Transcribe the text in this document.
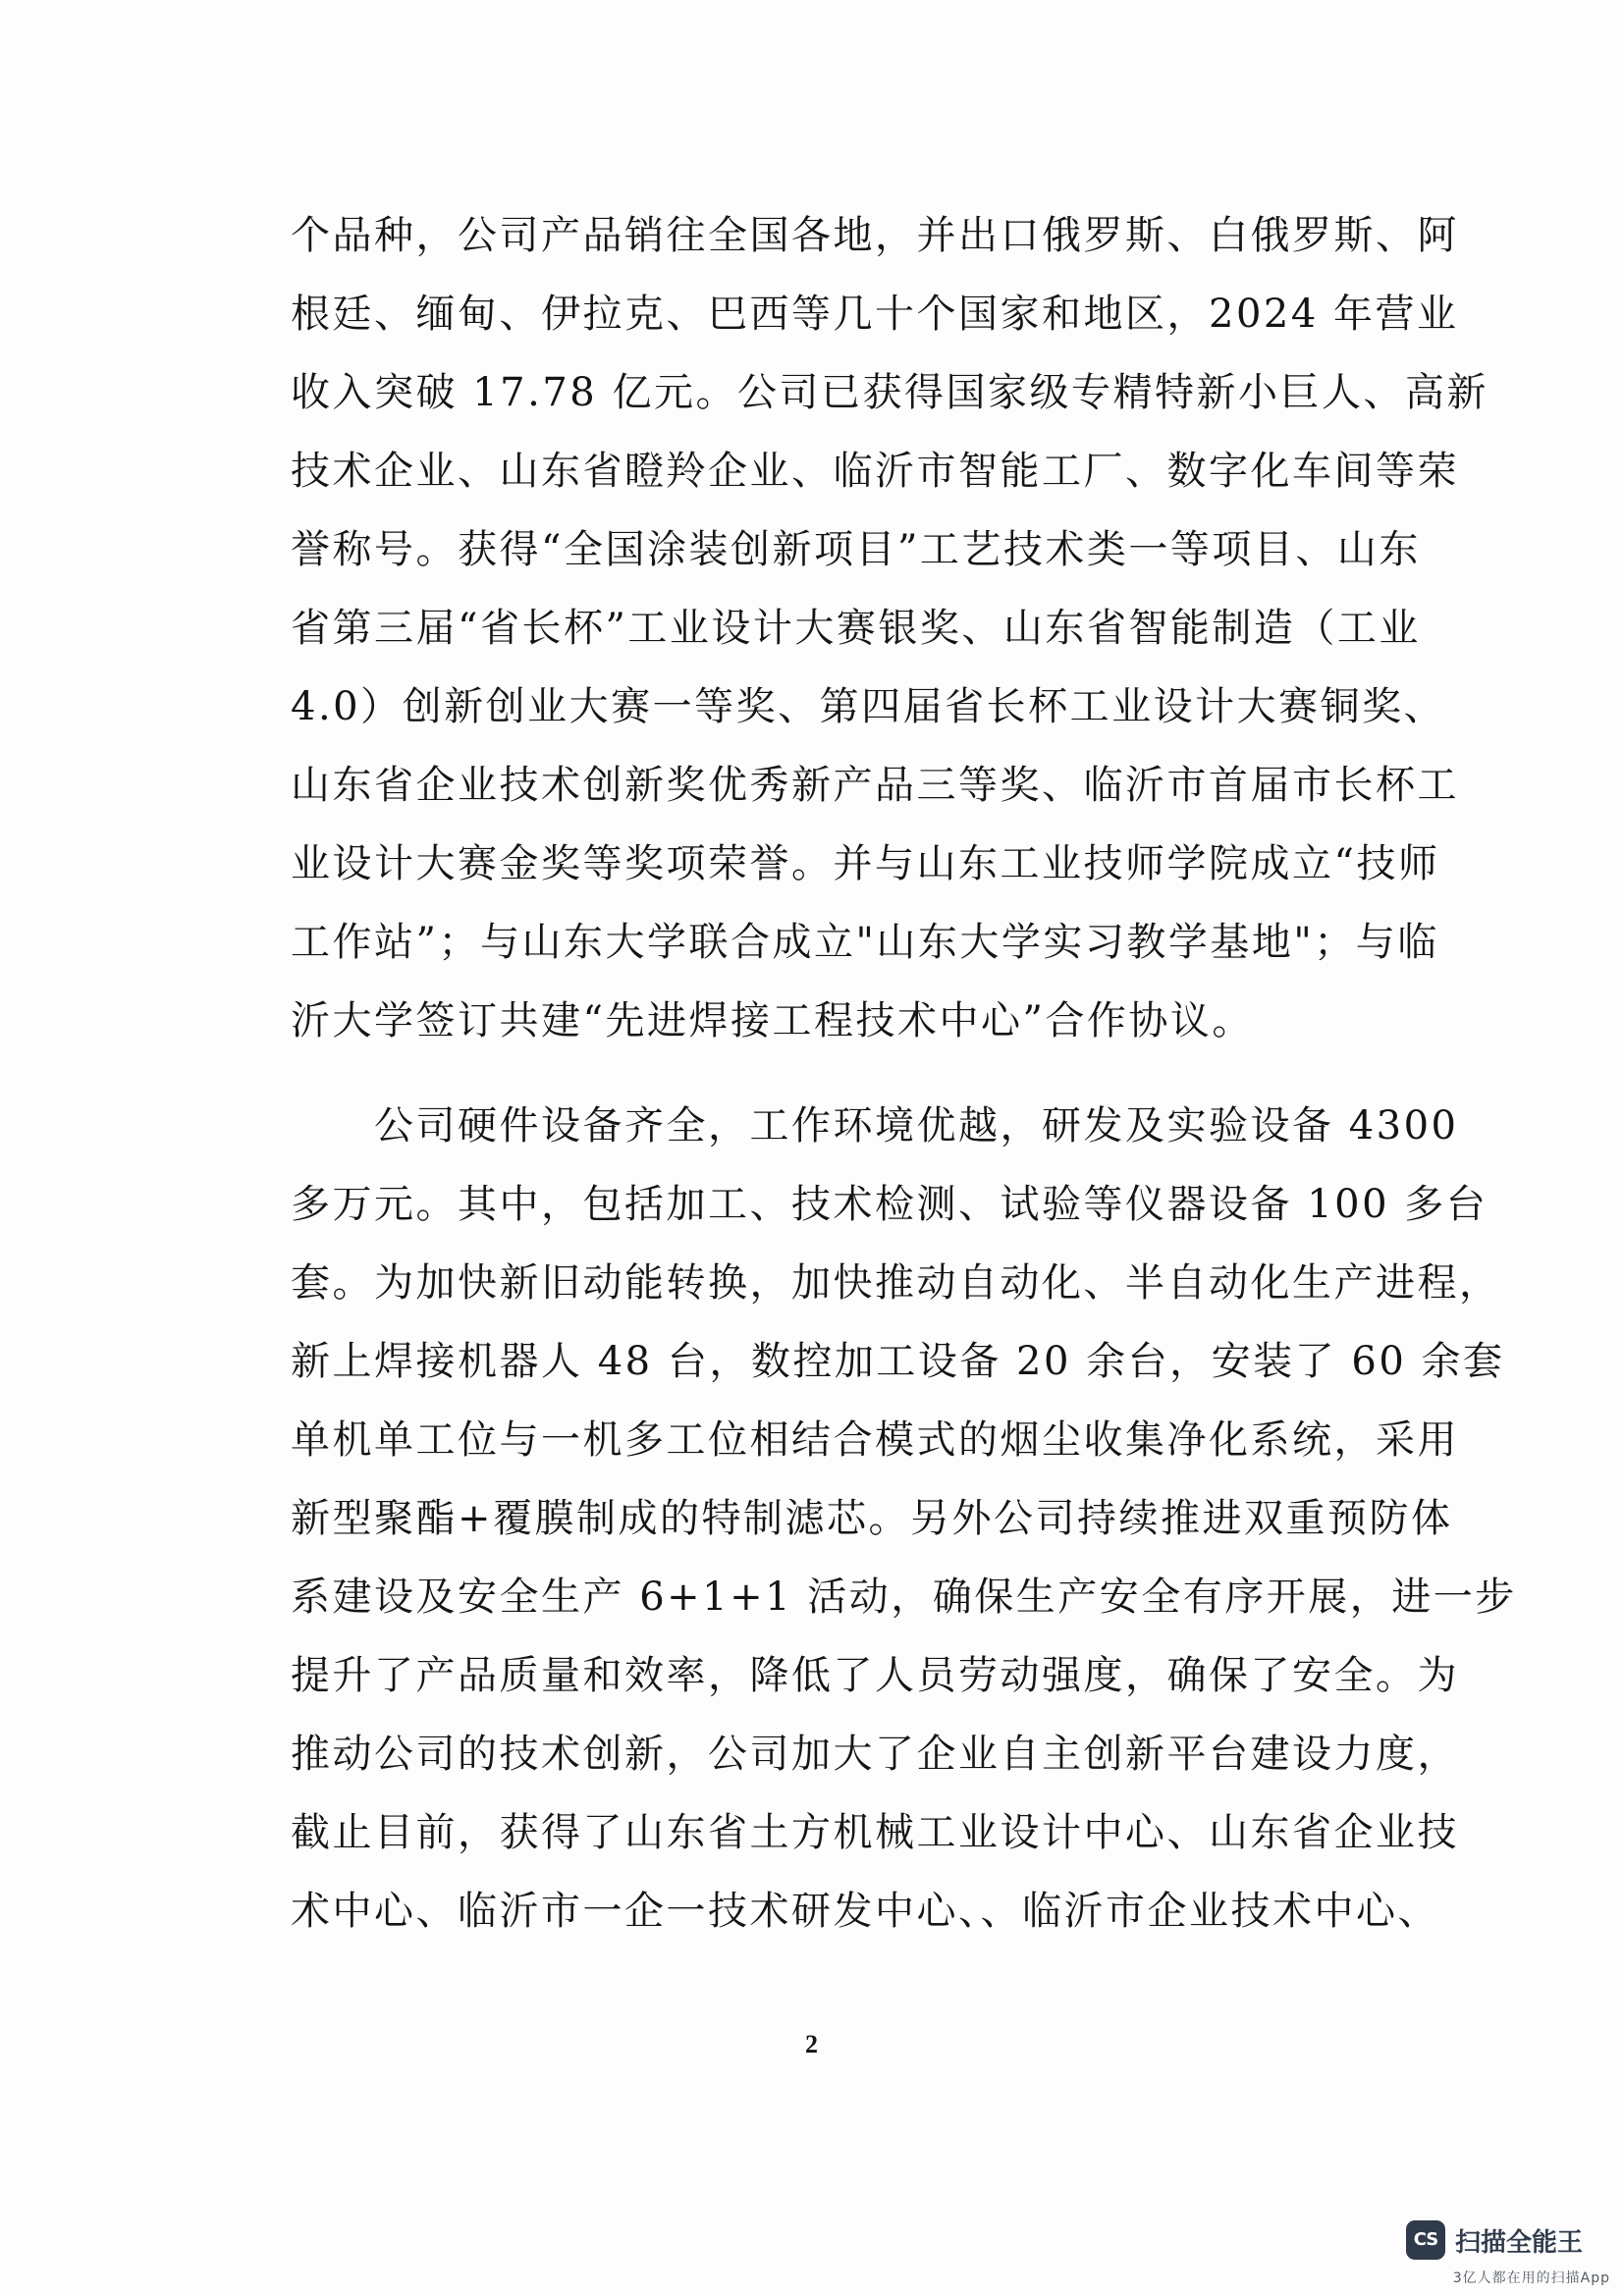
个品种，公司产品销往全国各地，并出口俄罗斯、白俄罗斯、阿
根廷、缅甸、伊拉克、巴西等几十个国家和地区，2024 年营业
收入突破 17.78 亿元。公司已获得国家级专精特新小巨人、高新
技术企业、山东省瞪羚企业、临沂市智能工厂、数字化车间等荣
誉称号。获得“全国涂装创新项目”工艺技术类一等项目、山东
省第三届“省长杯”工业设计大赛银奖、山东省智能制造（工业
4.0）创新创业大赛一等奖、第四届省长杯工业设计大赛铜奖、
山东省企业技术创新奖优秀新产品三等奖、临沂市首届市长杯工
业设计大赛金奖等奖项荣誉。并与山东工业技师学院成立“技师
工作站”；与山东大学联合成立"山东大学实习教学基地"；与临
沂大学签订共建“先进焊接工程技术中心”合作协议。
　　公司硬件设备齐全，工作环境优越，研发及实验设备 4300
多万元。其中，包括加工、技术检测、试验等仪器设备 100 多台
套。为加快新旧动能转换，加快推动自动化、半自动化生产进程，
新上焊接机器人 48 台，数控加工设备 20 余台，安装了 60 余套
单机单工位与一机多工位相结合模式的烟尘收集净化系统，采用
新型聚酯+覆膜制成的特制滤芯。另外公司持续推进双重预防体
系建设及安全生产 6+1+1 活动，确保生产安全有序开展，进一步
提升了产品质量和效率，降低了人员劳动强度，确保了安全。为
推动公司的技术创新，公司加大了企业自主创新平台建设力度，
截止目前，获得了山东省土方机械工业设计中心、山东省企业技
术中心、临沂市一企一技术研发中心、、临沂市企业技术中心、
2
CS 扫描全能王
3亿人都在用的扫描App
